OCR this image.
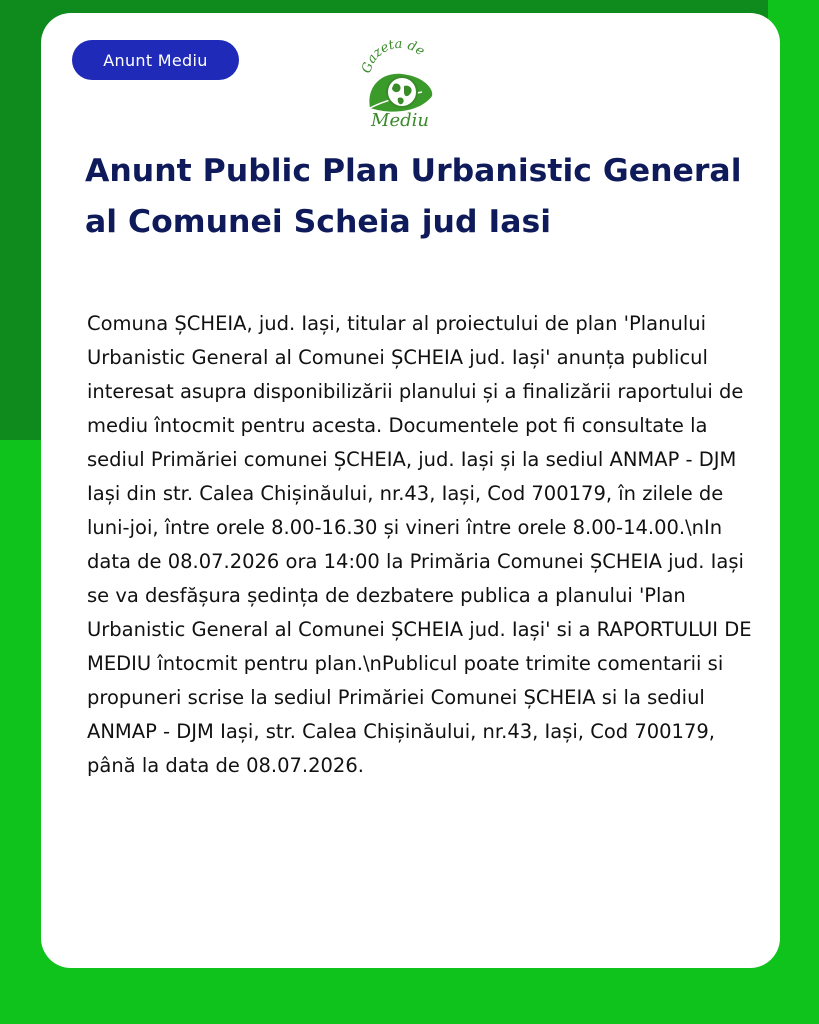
Anunt Mediu	Gazeta de
Mediu
Anunt Public Plan Urbanistic General al Comunei Scheia jud Iasi
Comuna ȘCHEIA, jud. Iași, titular al proiectului de plan 'Planului Urbanistic General al Comunei ȘCHEIA jud. Iași' anunța publicul interesat asupra disponibilizării planului și a finalizării raportului de mediu întocmit pentru acesta. Documentele pot fi consultate la sediul Primăriei comunei ȘCHEIA, jud. Iași și la sediul ANMAP - DJM Iași din str. Calea Chișinăului, nr.43, Iași, Cod 700179, în zilele de luni-joi, între orele 8.00-16.30 și vineri între orele 8.00-14.00.\nIn data de 08.07.2026 ora 14:00 la Primăria Comunei ȘCHEIA jud. Iași se va desfășura ședința de dezbatere publica a planului 'Plan Urbanistic General al Comunei ȘCHEIA jud. Iași' si a RAPORTULUI DE MEDIU întocmit pentru plan.\nPublicul poate trimite comentarii si propuneri scrise la sediul Primăriei Comunei ȘCHEIA si la sediul ANMAP - DJM Iași, str. Calea Chișinăului, nr.43, Iași, Cod 700179, până la data de 08.07.2026.
